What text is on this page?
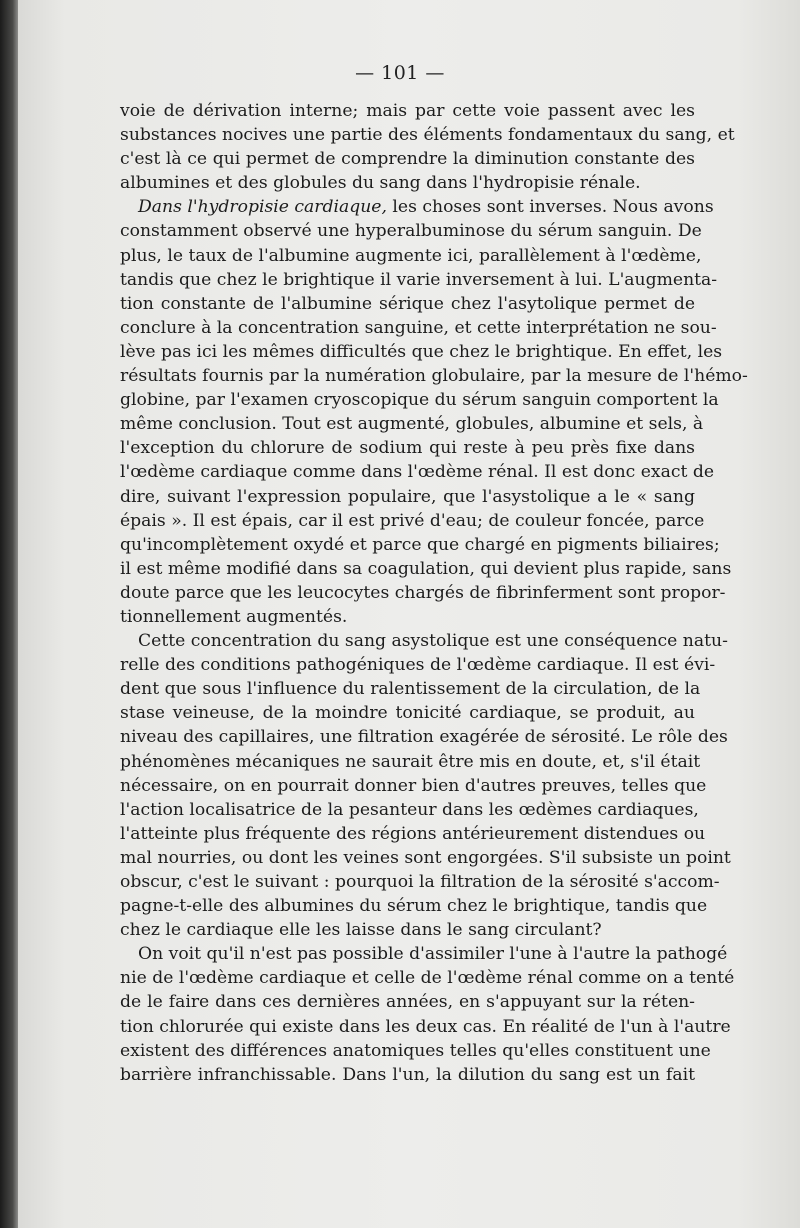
— 101 —
voie de dérivation interne; mais par cette voie passent avec les
substances nocives une partie des éléments fondamentaux du sang, et
c'est là ce qui permet de comprendre la diminution constante des
albumines et des globules du sang dans l'hydropisie rénale.
Dans l'hydropisie cardiaque, les choses sont inverses. Nous avons
constamment observé une hyperalbuminose du sérum sanguin. De
plus, le taux de l'albumine augmente ici, parallèlement à l'œdème,
tandis que chez le brightique il varie inversement à lui. L'augmenta-
tion constante de l'albumine sérique chez l'asytolique permet de
conclure à la concentration sanguine, et cette interprétation ne sou-
lève pas ici les mêmes difficultés que chez le brightique. En effet, les
résultats fournis par la numération globulaire, par la mesure de l'hémo-
globine, par l'examen cryoscopique du sérum sanguin comportent la
même conclusion. Tout est augmenté, globules, albumine et sels, à
l'exception du chlorure de sodium qui reste à peu près fixe dans
l'œdème cardiaque comme dans l'œdème rénal. Il est donc exact de
dire, suivant l'expression populaire, que l'asystolique a le « sang
épais ». Il est épais, car il est privé d'eau; de couleur foncée, parce
qu'incomplètement oxydé et parce que chargé en pigments biliaires;
il est même modifié dans sa coagulation, qui devient plus rapide, sans
doute parce que les leucocytes chargés de fibrinferment sont propor-
tionnellement augmentés.
Cette concentration du sang asystolique est une conséquence natu-
relle des conditions pathogéniques de l'œdème cardiaque. Il est évi-
dent que sous l'influence du ralentissement de la circulation, de la
stase veineuse, de la moindre tonicité cardiaque, se produit, au
niveau des capillaires, une filtration exagérée de sérosité. Le rôle des
phénomènes mécaniques ne saurait être mis en doute, et, s'il était
nécessaire, on en pourrait donner bien d'autres preuves, telles que
l'action localisatrice de la pesanteur dans les œdèmes cardiaques,
l'atteinte plus fréquente des régions antérieurement distendues ou
mal nourries, ou dont les veines sont engorgées. S'il subsiste un point
obscur, c'est le suivant : pourquoi la filtration de la sérosité s'accom-
pagne-t-elle des albumines du sérum chez le brightique, tandis que
chez le cardiaque elle les laisse dans le sang circulant?
On voit qu'il n'est pas possible d'assimiler l'une à l'autre la pathogé
nie de l'œdème cardiaque et celle de l'œdème rénal comme on a tenté
de le faire dans ces dernières années, en s'appuyant sur la réten-
tion chlorurée qui existe dans les deux cas. En réalité de l'un à l'autre
existent des différences anatomiques telles qu'elles constituent une
barrière infranchissable. Dans l'un, la dilution du sang est un fait
